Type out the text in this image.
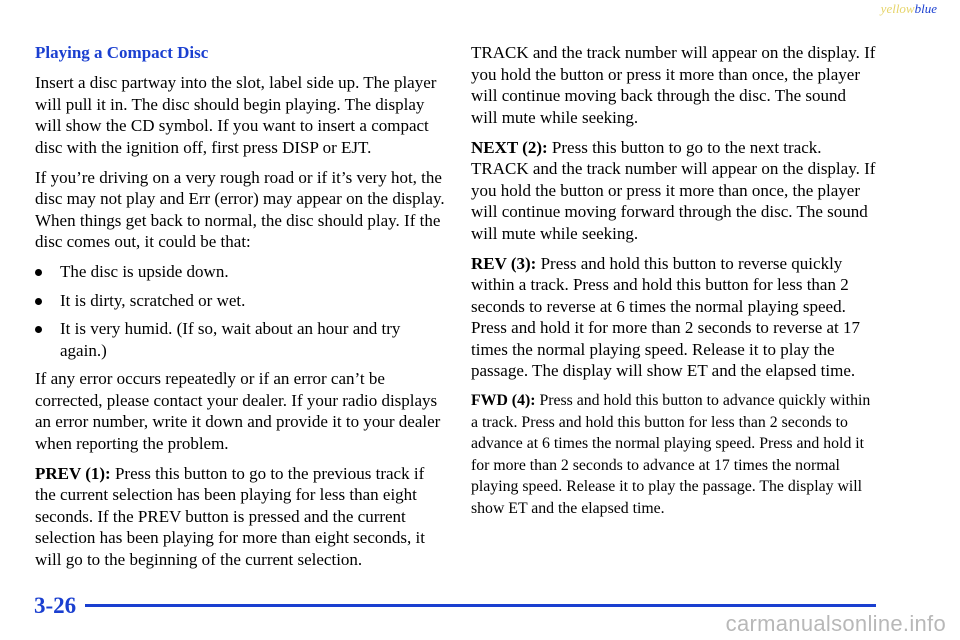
yellowblue
Playing a Compact Disc

Insert a disc partway into the slot, label side up. The player will pull it in. The disc should begin playing. The display will show the CD symbol. If you want to insert a compact disc with the ignition off, first press DISP or EJT.

If you’re driving on a very rough road or if it’s very hot, the disc may not play and Err (error) may appear on the display. When things get back to normal, the disc should play. If the disc comes out, it could be that:

The disc is upside down.
It is dirty, scratched or wet.
It is very humid. (If so, wait about an hour and try again.)

If any error occurs repeatedly or if an error can’t be corrected, please contact your dealer. If your radio displays an error number, write it down and provide it to your dealer when reporting the problem.

PREV (1): Press this button to go to the previous track if the current selection has been playing for less than eight seconds. If the PREV button is pressed and the current selection has been playing for more than eight seconds, it will go to the beginning of the current selection.

TRACK and the track number will appear on the display. If you hold the button or press it more than once, the player will continue moving back through the disc. The sound will mute while seeking.

NEXT (2): Press this button to go to the next track. TRACK and the track number will appear on the display. If you hold the button or press it more than once, the player will continue moving forward through the disc. The sound will mute while seeking.

REV (3): Press and hold this button to reverse quickly within a track. Press and hold this button for less than 2 seconds to reverse at 6 times the normal playing speed. Press and hold it for more than 2 seconds to reverse at 17 times the normal playing speed. Release it to play the passage. The display will show ET and the elapsed time.

FWD (4): Press and hold this button to advance quickly within a track. Press and hold this button for less than 2 seconds to advance at 6 times the normal playing speed. Press and hold it for more than 2 seconds to advance at 17 times the normal playing speed. Release it to play the passage. The display will show ET and the elapsed time.

3-26
carmanualsonline.info
